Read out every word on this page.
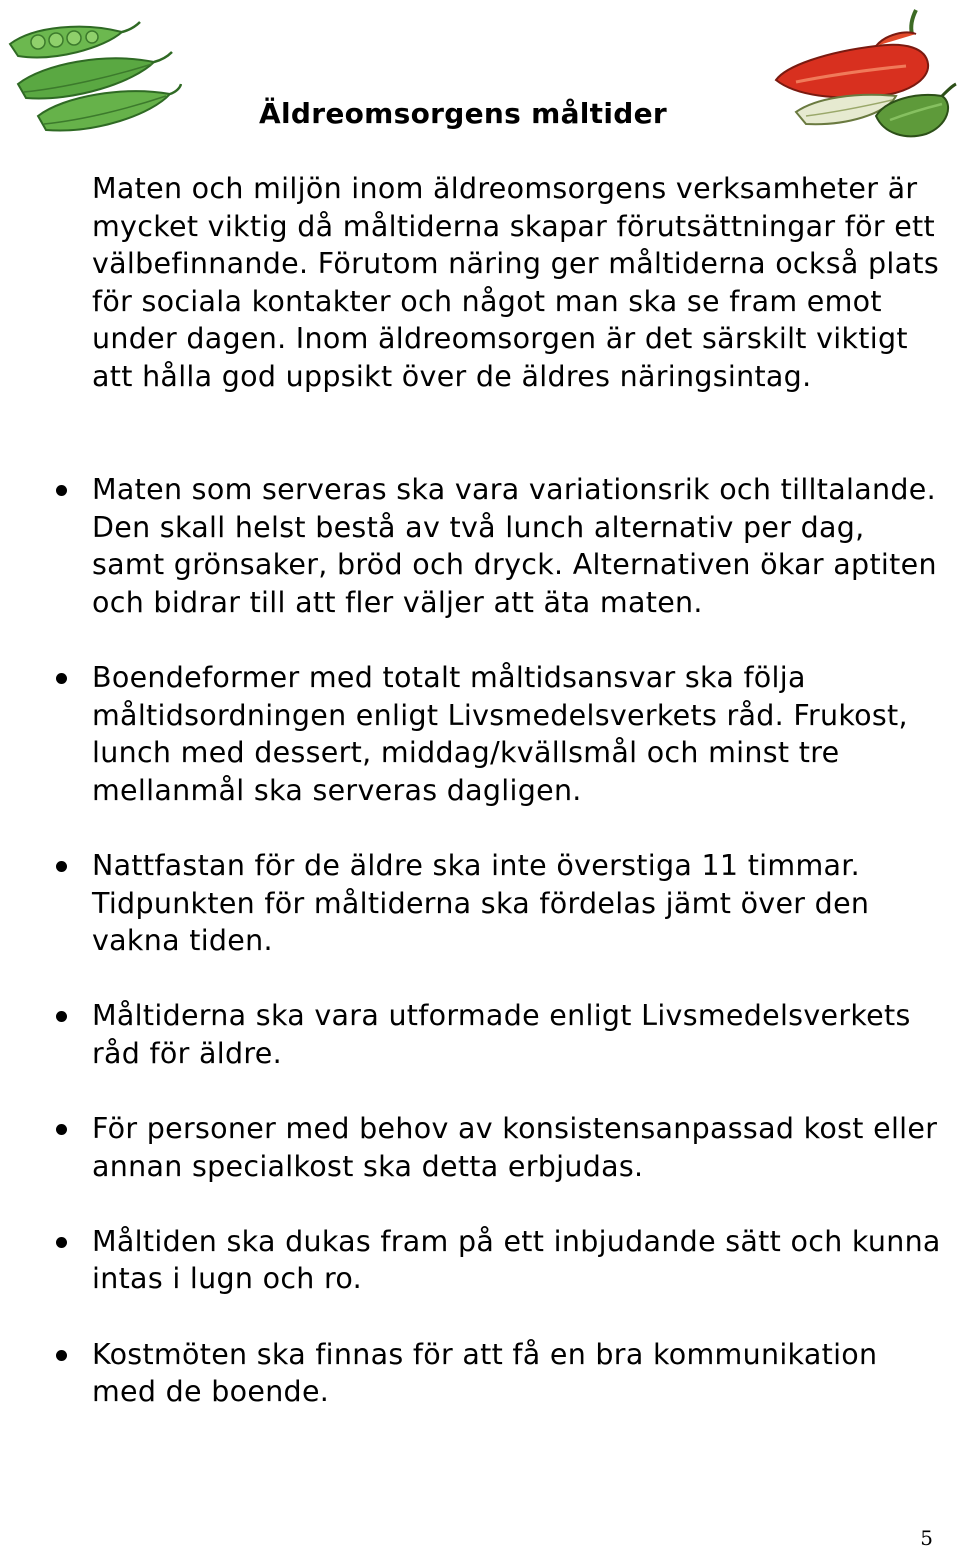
Äldreomsorgens måltider

Maten och miljön inom äldreomsorgens verksamheter är mycket viktig då måltiderna skapar förutsättningar för ett välbefinnande. Förutom näring ger måltiderna också plats för sociala kontakter och något man ska se fram emot under dagen. Inom äldreomsorgen är det särskilt viktigt att hålla god uppsikt över de äldres näringsintag.

Maten som serveras ska vara variationsrik och tilltalande. Den skall helst bestå av två lunch alternativ per dag, samt grönsaker, bröd och dryck. Alternativen ökar aptiten och bidrar till att fler väljer att äta maten.
Boendeformer med totalt måltidsansvar ska följa måltidsordningen enligt Livsmedelsverkets råd. Frukost, lunch med dessert, middag/kvällsmål och minst tre mellanmål ska serveras dagligen.
Nattfastan för de äldre ska inte överstiga 11 timmar. Tidpunkten för måltiderna ska fördelas jämt över den vakna tiden.
Måltiderna ska vara utformade enligt Livsmedelsverkets råd för äldre.
För personer med behov av konsistensanpassad kost eller annan specialkost ska detta erbjudas.
Måltiden ska dukas fram på ett inbjudande sätt och kunna intas i lugn och ro.
Kostmöten ska finnas för att få en bra kommunikation med de boende.
5
